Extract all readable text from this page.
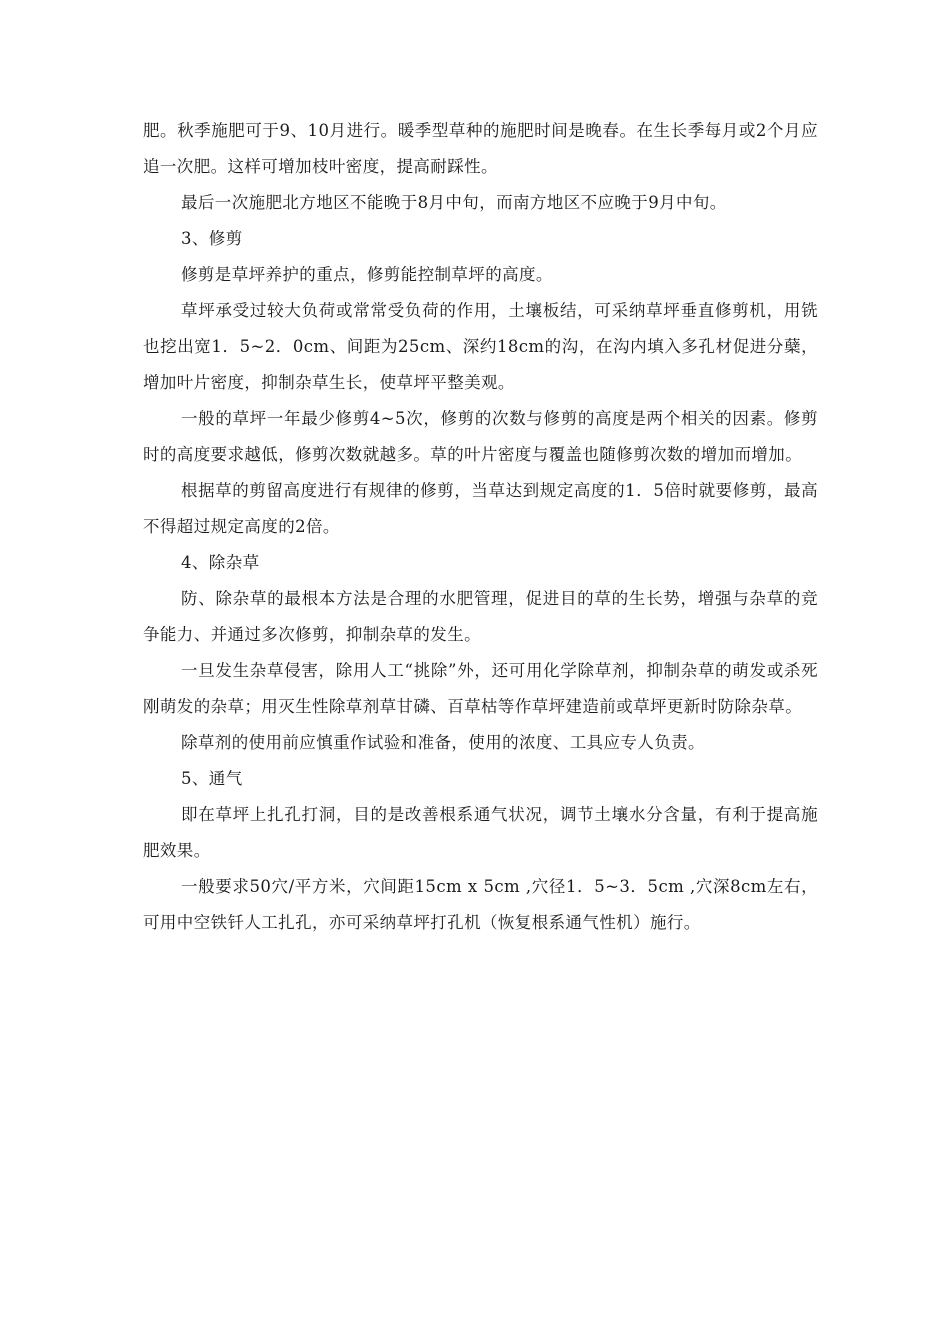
肥。秋季施肥可于9、10月进行。暖季型草种的施肥时间是晚春。在生长季每月或2个月应追一次肥。这样可增加枝叶密度，提高耐踩性。

最后一次施肥北方地区不能晚于8月中旬，而南方地区不应晚于9月中旬。

3、修剪

修剪是草坪养护的重点，修剪能控制草坪的高度。

草坪承受过较大负荷或常常受负荷的作用，土壤板结，可采纳草坪垂直修剪机，用铣也挖出宽1．5~2．0cm、间距为25cm、深约18cm的沟，在沟内填入多孔材促进分蘖，增加叶片密度，抑制杂草生长，使草坪平整美观。

一般的草坪一年最少修剪4~5次，修剪的次数与修剪的高度是两个相关的因素。修剪时的高度要求越低，修剪次数就越多。草的叶片密度与覆盖也随修剪次数的增加而增加。

根据草的剪留高度进行有规律的修剪，当草达到规定高度的1．5倍时就要修剪，最高不得超过规定高度的2倍。

4、除杂草

防、除杂草的最根本方法是合理的水肥管理，促进目的草的生长势，增强与杂草的竞争能力、并通过多次修剪，抑制杂草的发生。

一旦发生杂草侵害，除用人工“挑除”外，还可用化学除草剂，抑制杂草的萌发或杀死刚萌发的杂草；用灭生性除草剂草甘磷、百草枯等作草坪建造前或草坪更新时防除杂草。

除草剂的使用前应慎重作试验和准备，使用的浓度、工具应专人负责。

5、通气

即在草坪上扎孔打洞，目的是改善根系通气状况，调节土壤水分含量，有利于提高施肥效果。

一般要求50穴/平方米，穴间距15cm x 5cm ,穴径1．5~3．5cm ,穴深8cm左右，可用中空铁钎人工扎孔，亦可采纳草坪打孔机（恢复根系通气性机）施行。
